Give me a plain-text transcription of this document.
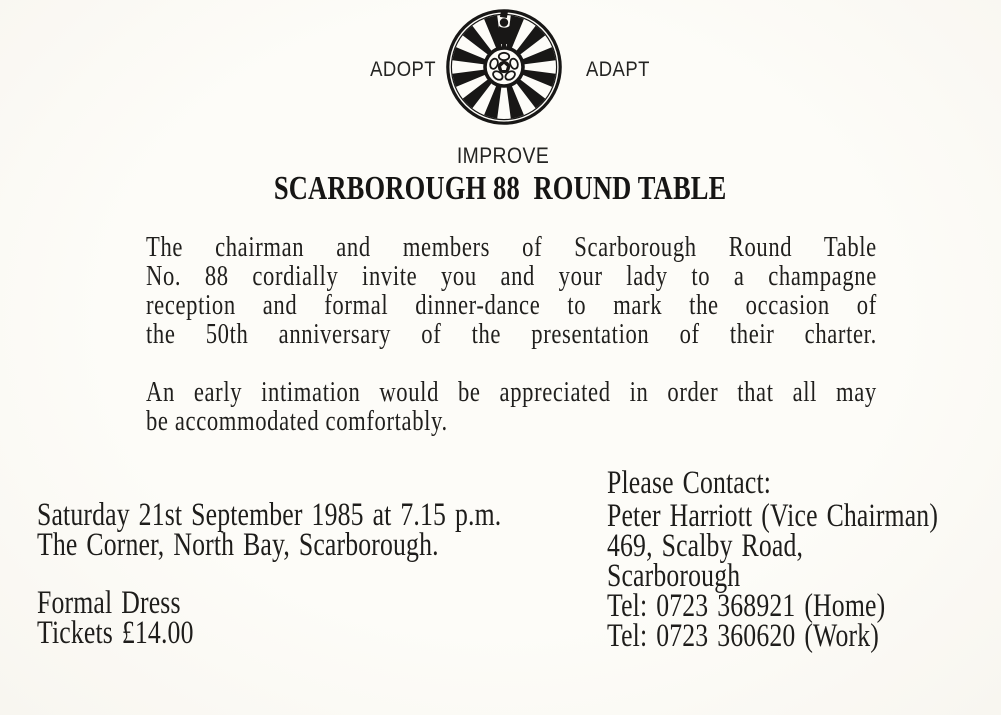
ADOPT	ADAPT
IMPROVE
SCARBOROUGH 88  ROUND TABLE
The chairman and members of Scarborough Round Table
No. 88 cordially invite you and your lady to a champagne
reception and formal dinner-dance to mark the occasion of
the 50th anniversary of the presentation of their charter.
An early intimation would be appreciated in order that all may
be accommodated comfortably.
Saturday 21st September 1985 at 7.15 p.m.
The Corner, North Bay, Scarborough.
Formal Dress
Tickets £14.00
Please Contact:
Peter Harriott (Vice Chairman)
469, Scalby Road,
Scarborough
Tel: 0723 368921 (Home)
Tel: 0723 360620 (Work)
